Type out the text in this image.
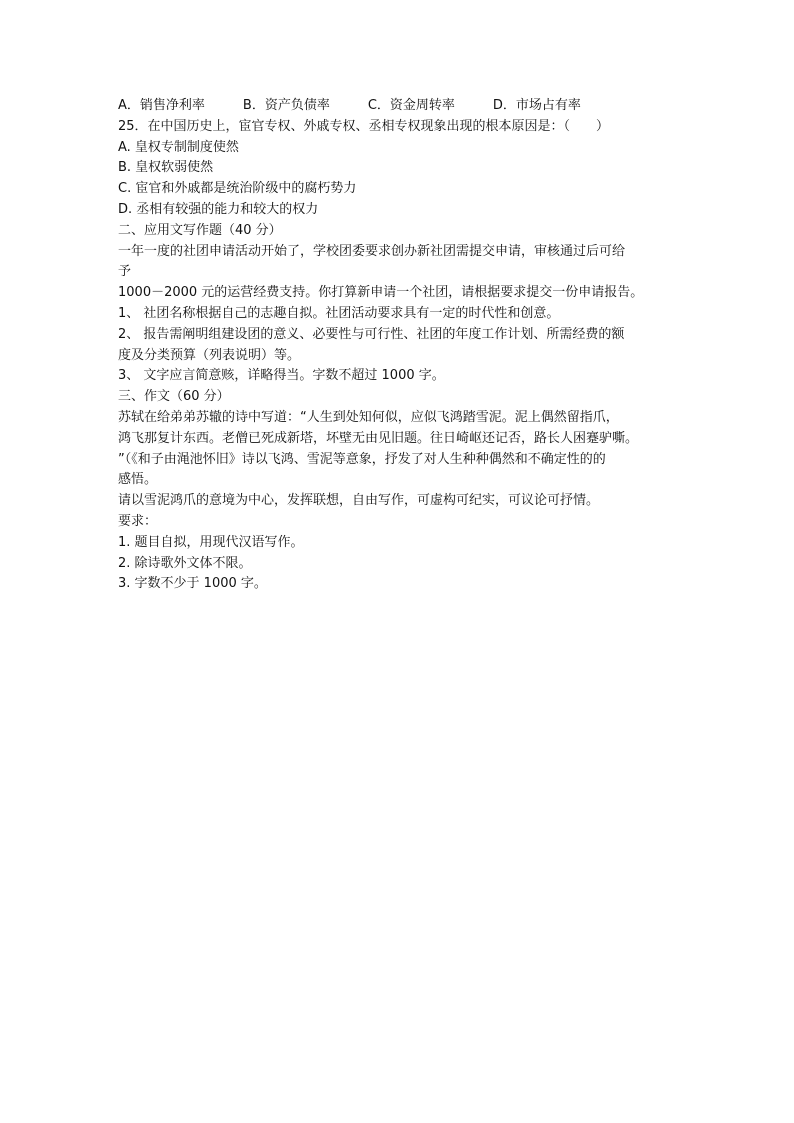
A．销售净利率	B．资产负债率	C．资金周转率	D．市场占有率
25．在中国历史上，宦官专权、外戚专权、丞相专权现象出现的根本原因是：（　　）
A. 皇权专制制度使然
B. 皇权软弱使然
C. 宦官和外戚都是统治阶级中的腐朽势力
D. 丞相有较强的能力和较大的权力
二、应用文写作题（40 分）
一年一度的社团申请活动开始了，学校团委要求创办新社团需提交申请，审核通过后可给
予
1000－2000 元的运营经费支持。你打算新申请一个社团，请根据要求提交一份申请报告。
1、 社团名称根据自己的志趣自拟。社团活动要求具有一定的时代性和创意。
2、 报告需阐明组建设团的意义、必要性与可行性、社团的年度工作计划、所需经费的额
度及分类预算（列表说明）等。
3、 文字应言简意赅，详略得当。字数不超过 1000 字。
三、作文（60 分）
苏轼在给弟弟苏辙的诗中写道：“人生到处知何似，应似飞鸿踏雪泥。泥上偶然留指爪，
鸿飞那复计东西。老僧已死成新塔，坏壁无由见旧题。往日崎岖还记否，路长人困蹇驴嘶。
”（《和子由渑池怀旧》诗以飞鸿、雪泥等意象，抒发了对人生种种偶然和不确定性的的
感悟。
请以雪泥鸿爪的意境为中心，发挥联想，自由写作，可虚构可纪实，可议论可抒情。
要求：
1. 题目自拟，用现代汉语写作。
2. 除诗歌外文体不限。
3. 字数不少于 1000 字。
